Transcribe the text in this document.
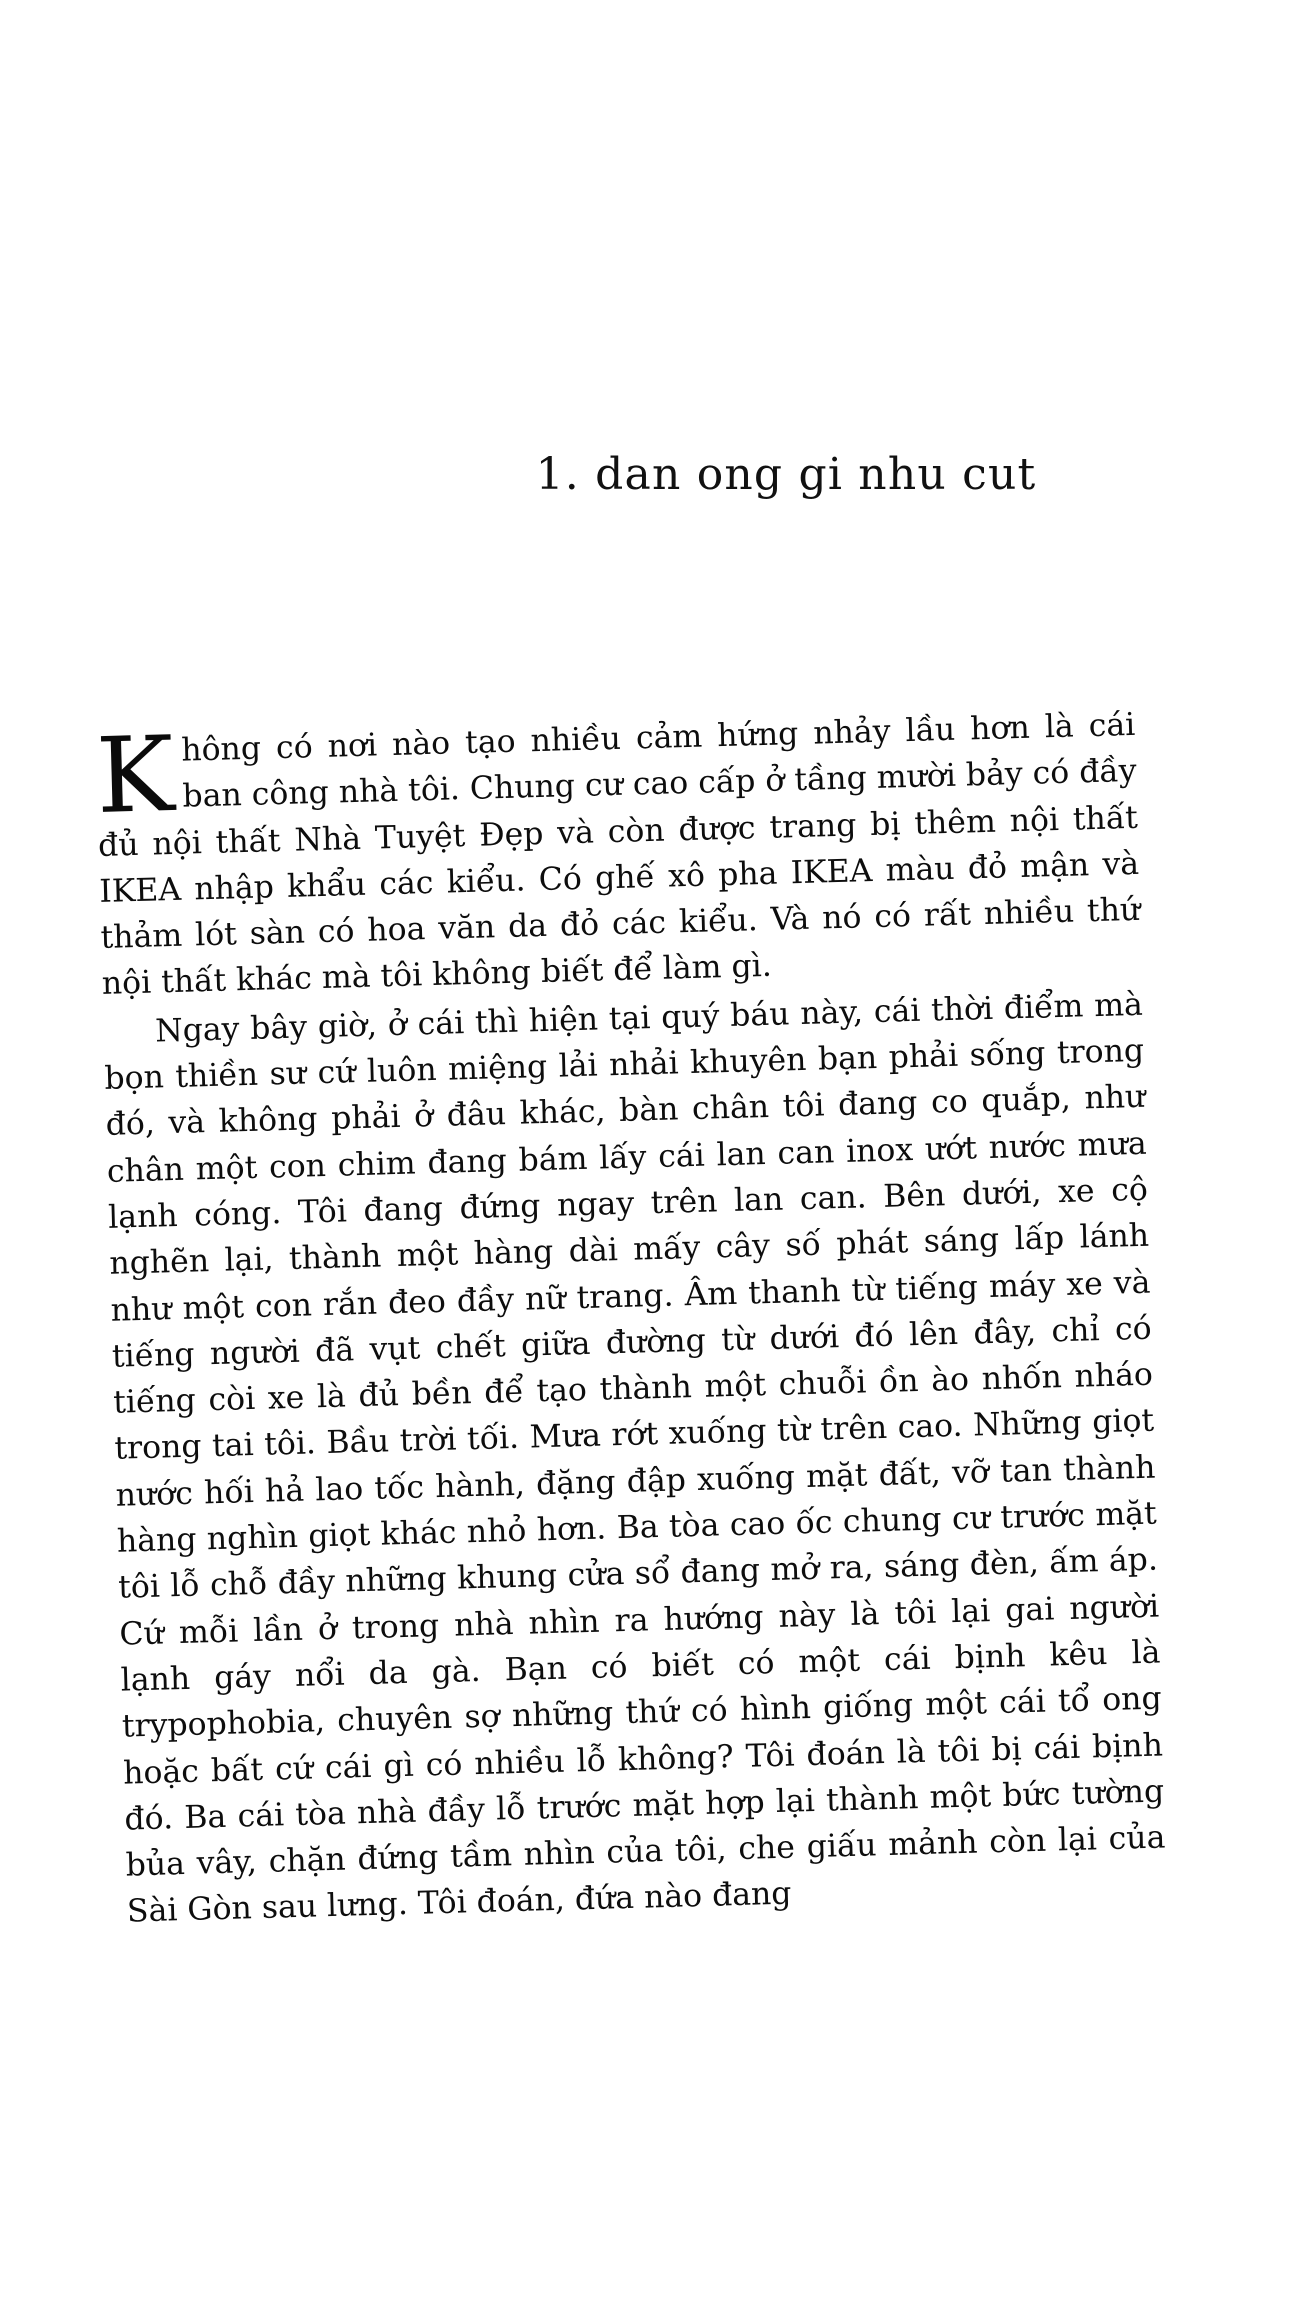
1. dan ong gi nhu cut

Không có nơi nào tạo nhiều cảm hứng nhảy lầu hơn là cái ban công nhà tôi. Chung cư cao cấp ở tầng mười bảy có đầy đủ nội thất Nhà Tuyệt Đẹp và còn được trang bị thêm nội thất IKEA nhập khẩu các kiểu. Có ghế xô pha IKEA màu đỏ mận và thảm lót sàn có hoa văn da đỏ các kiểu. Và nó có rất nhiều thứ nội thất khác mà tôi không biết để làm gì.

Ngay bây giờ, ở cái thì hiện tại quý báu này, cái thời điểm mà bọn thiền sư cứ luôn miệng lải nhải khuyên bạn phải sống trong đó, và không phải ở đâu khác, bàn chân tôi đang co quắp, như chân một con chim đang bám lấy cái lan can inox ướt nước mưa lạnh cóng. Tôi đang đứng ngay trên lan can. Bên dưới, xe cộ nghẽn lại, thành một hàng dài mấy cây số phát sáng lấp lánh như một con rắn đeo đầy nữ trang. Âm thanh từ tiếng máy xe và tiếng người đã vụt chết giữa đường từ dưới đó lên đây, chỉ có tiếng còi xe là đủ bền để tạo thành một chuỗi ồn ào nhốn nháo trong tai tôi. Bầu trời tối. Mưa rớt xuống từ trên cao. Những giọt nước hối hả lao tốc hành, đặng đập xuống mặt đất, vỡ tan thành hàng nghìn giọt khác nhỏ hơn. Ba tòa cao ốc chung cư trước mặt tôi lỗ chỗ đầy những khung cửa sổ đang mở ra, sáng đèn, ấm áp. Cứ mỗi lần ở trong nhà nhìn ra hướng này là tôi lại gai người lạnh gáy nổi da gà. Bạn có biết có một cái bịnh kêu là trypophobia, chuyên sợ những thứ có hình giống một cái tổ ong hoặc bất cứ cái gì có nhiều lỗ không? Tôi đoán là tôi bị cái bịnh đó. Ba cái tòa nhà đầy lỗ trước mặt hợp lại thành một bức tường bủa vây, chặn đứng tầm nhìn của tôi, che giấu mảnh còn lại của Sài Gòn sau lưng. Tôi đoán, đứa nào đang
